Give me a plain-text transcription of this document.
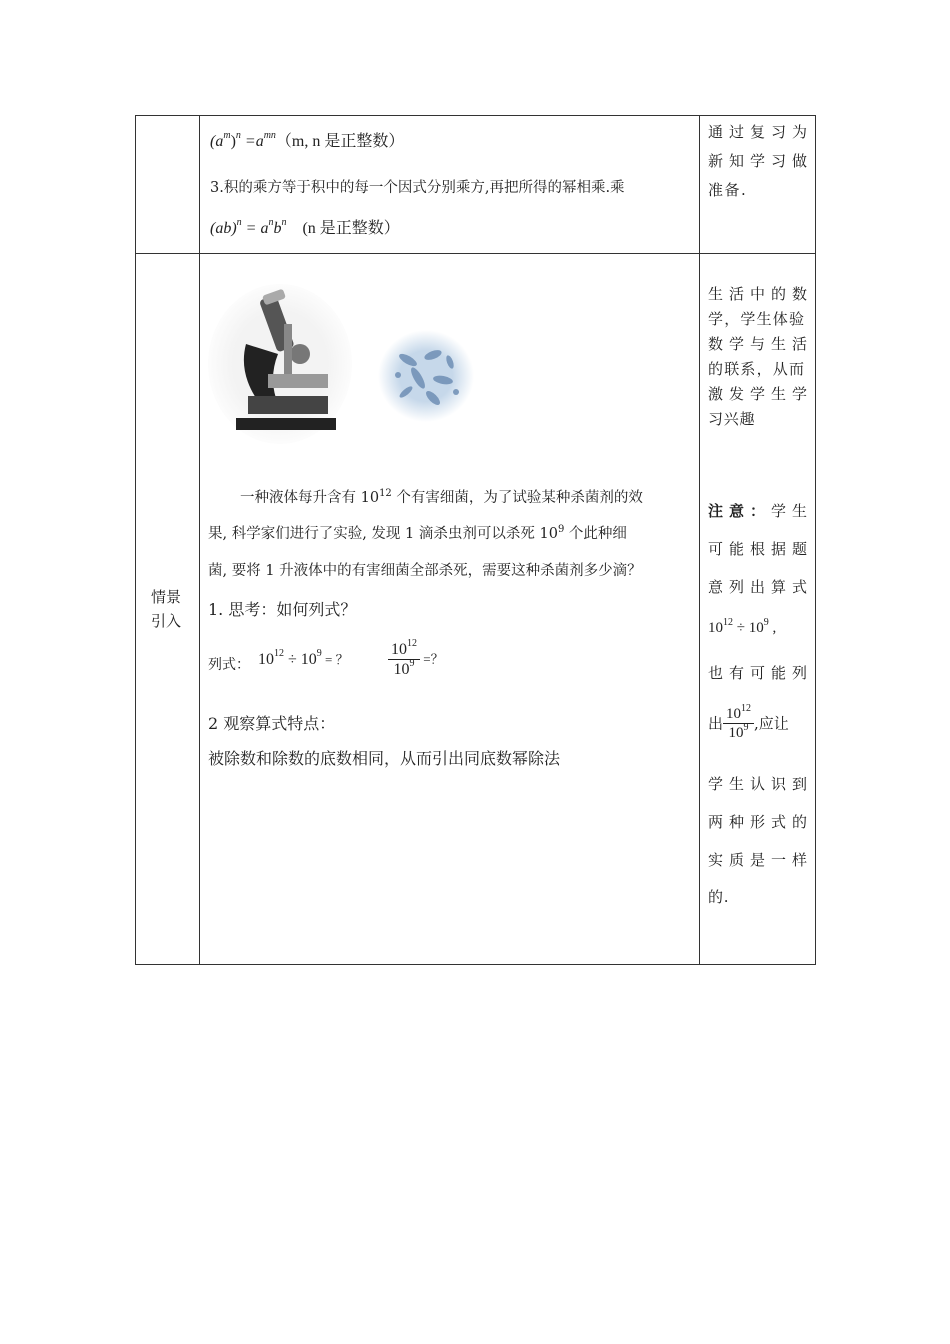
$(a^m)^n =a^{mn}(m$, n 是正整数）
3.积的乘方等于积中的每一个因式分别乘方,再把所得的幂相乘.乘
$(ab)^n = a^nb^n$ (n 是正整数）
通过复习为
新知学习做
准备.
情景
引入
一种液体每升含有 $10^{12}$ 个有害细菌，为了试验某种杀菌剂的效
果, 科学家们进行了实验, 发现 1 滴杀虫剂可以杀死 $10^9$ 个此种细
菌, 要将 1 升液体中的有害细菌全部杀死，需要这种杀菌剂多少滴？
1. 思考：如何列式？
列式： $10^{12} \div 10^9$ = ？ $\frac{10^{12}}{10^9}$ =？
2 观察算式特点：
被除数和除数的底数相同，从而引出同底数幂除法
生活中的数
学，学生体验
数学与生活
的联系，从而
激发学生学
习兴趣
注意：学生
可能根据题
意列出算式
$10^{12} \div 10^9$ ,
也有可能列
出 $\frac{10^{12}}{10^9}$ ,应让
学生认识到
两种形式的
实质是一样
的.
